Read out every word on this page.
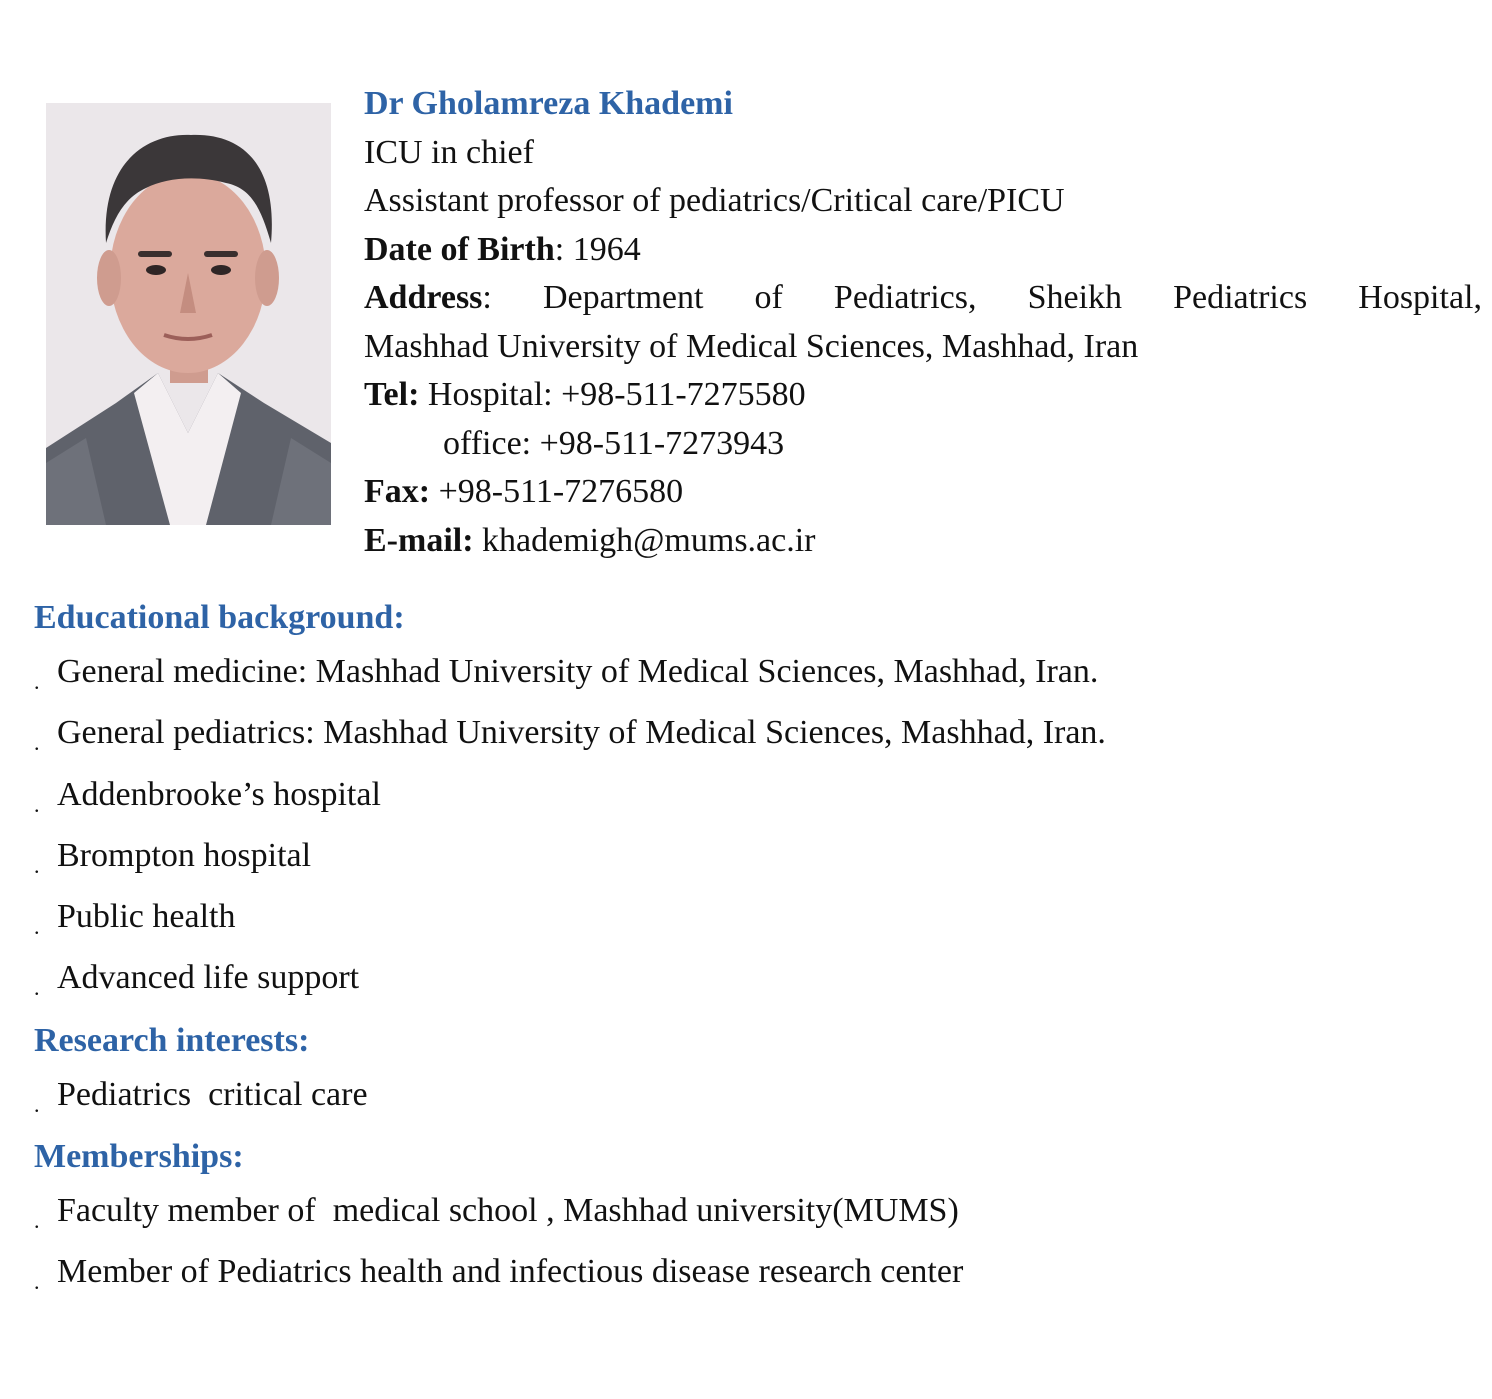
Dr Gholamreza Khademi
ICU in chief
Assistant professor of pediatrics/Critical care/PICU
Date of Birth: 1964
Address: Department of Pediatrics, Sheikh Pediatrics Hospital,
Mashhad University of Medical Sciences, Mashhad, Iran
Tel: Hospital: +98-511-7275580
office: +98-511-7273943
Fax: +98-511-7276580
E-mail: khademigh@mums.ac.ir
Educational background:
. General medicine: Mashhad University of Medical Sciences, Mashhad, Iran.
. General pediatrics: Mashhad University of Medical Sciences, Mashhad, Iran.
. Addenbrooke’s hospital
. Brompton hospital
. Public health
. Advanced life support
Research interests:
. Pediatrics  critical care
Memberships:
. Faculty member of  medical school , Mashhad university(MUMS)
. Member of Pediatrics health and infectious disease research center
